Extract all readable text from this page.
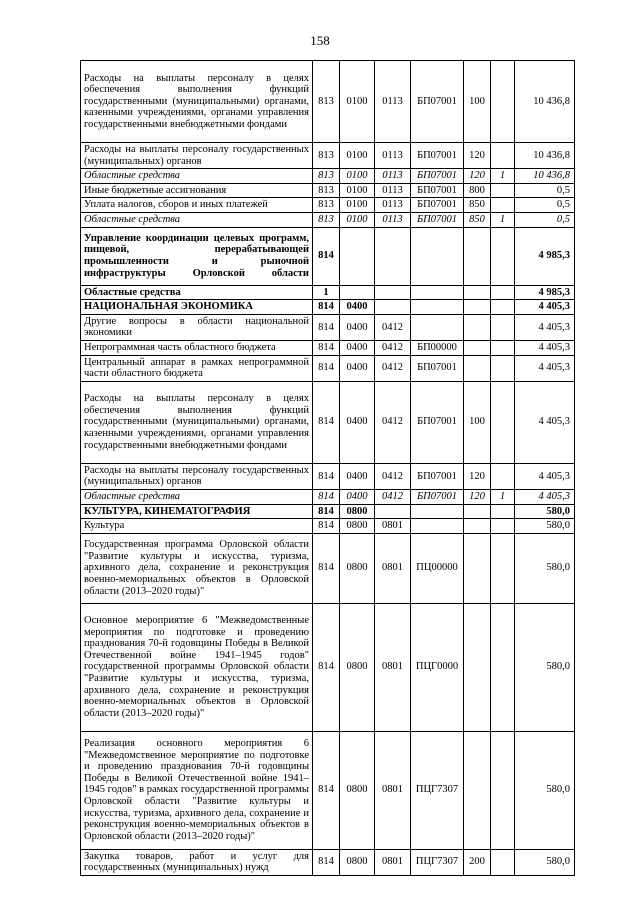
158
Расходы на выплаты персоналу в целях обеспечения выполнения функций государственными (муниципальными) органами, казенными учреждениями, органами управления государственными внебюджетными фондами	813	0100	0113	БП07001	100		10 436,8
Расходы на выплаты персоналу государственных (муниципальных) органов	813	0100	0113	БП07001	120		10 436,8
Областные средства	813	0100	0113	БП07001	120	1	10 436,8
Иные бюджетные ассигнования	813	0100	0113	БП07001	800		0,5
Уплата налогов, сборов и иных платежей	813	0100	0113	БП07001	850		0,5
Областные средства	813	0100	0113	БП07001	850	1	0,5
Управление координации целевых программ, пищевой, перерабатывающей промышленности и рыночной инфраструктуры Орловской области	814						4 985,3
Областные средства	1						4 985,3
НАЦИОНАЛЬНАЯ ЭКОНОМИКА	814	0400					4 405,3
Другие вопросы в области национальной экономики	814	0400	0412				4 405,3
Непрограммная часть областного бюджета	814	0400	0412	БП00000			4 405,3
Центральный аппарат в рамках непрограммной части областного бюджета	814	0400	0412	БП07001			4 405,3
Расходы на выплаты персоналу в целях обеспечения выполнения функций государственными (муниципальными) органами, казенными учреждениями, органами управления государственными внебюджетными фондами	814	0400	0412	БП07001	100		4 405,3
Расходы на выплаты персоналу государственных (муниципальных) органов	814	0400	0412	БП07001	120		4 405,3
Областные средства	814	0400	0412	БП07001	120	1	4 405,3
КУЛЬТУРА, КИНЕМАТОГРАФИЯ	814	0800					580,0
Культура	814	0800	0801				580,0
Государственная программа Орловской области "Развитие культуры и искусства, туризма, архивного дела, сохранение и реконструкция военно-мемориальных объектов в Орловской области (2013–2020 годы)"	814	0800	0801	ПЦ00000			580,0
Основное мероприятие 6 "Межведомственные мероприятия по подготовке и проведению празднования 70-й годовщины Победы в Великой Отечественной войне 1941–1945 годов" государственной программы Орловской области "Развитие культуры и искусства, туризма, архивного дела, сохранение и реконструкция военно-мемориальных объектов в Орловской области (2013–2020 годы)"	814	0800	0801	ПЦГ0000			580,0
Реализация основного мероприятия 6 "Межведомственное мероприятие по подготовке и проведению празднования 70-й годовщины Победы в Великой Отечественной войне 1941–1945 годов" в рамках государственной программы Орловской области "Развитие культуры и искусства, туризма, архивного дела, сохранение и реконструкция военно-мемориальных объектов в Орловской области (2013–2020 годы)"	814	0800	0801	ПЦГ7307			580,0
Закупка товаров, работ и услуг для государственных (муниципальных) нужд	814	0800	0801	ПЦГ7307	200		580,0
